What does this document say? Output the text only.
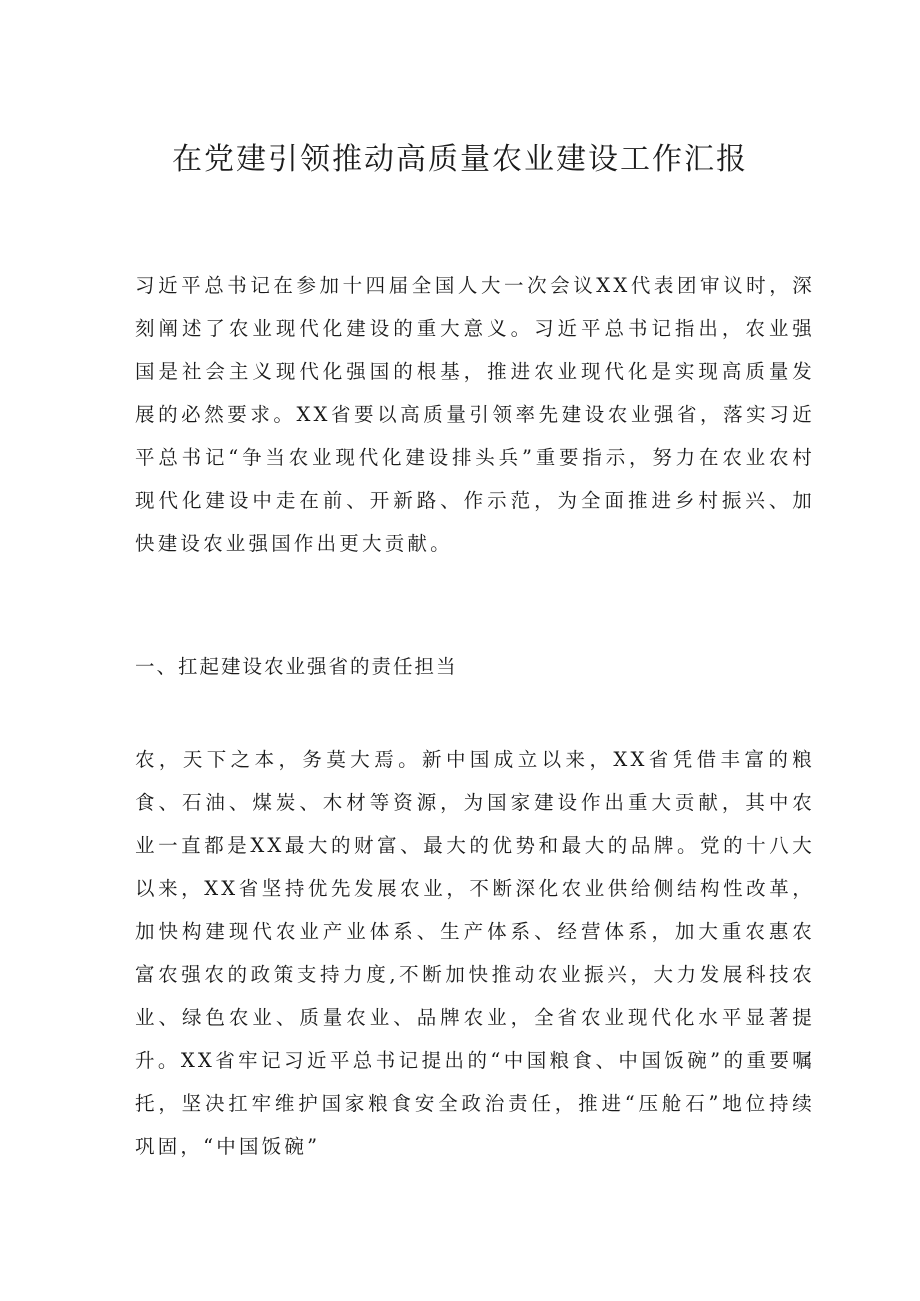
在党建引领推动高质量农业建设工作汇报

习近平总书记在参加十四届全国人大一次会议XX代表团审议时，深刻阐述了农业现代化建设的重大意义。习近平总书记指出，农业强国是社会主义现代化强国的根基，推进农业现代化是实现高质量发展的必然要求。XX省要以高质量引领率先建设农业强省，落实习近平总书记“争当农业现代化建设排头兵”重要指示，努力在农业农村现代化建设中走在前、开新路、作示范，为全面推进乡村振兴、加快建设农业强国作出更大贡献。

一、扛起建设农业强省的责任担当

农，天下之本，务莫大焉。新中国成立以来，XX省凭借丰富的粮食、石油、煤炭、木材等资源，为国家建设作出重大贡献，其中农业一直都是XX最大的财富、最大的优势和最大的品牌。党的十八大以来，XX省坚持优先发展农业，不断深化农业供给侧结构性改革，加快构建现代农业产业体系、生产体系、经营体系，加大重农惠农富农强农的政策支持力度,不断加快推动农业振兴，大力发展科技农业、绿色农业、质量农业、品牌农业，全省农业现代化水平显著提升。XX省牢记习近平总书记提出的“中国粮食、中国饭碗”的重要嘱托，坚决扛牢维护国家粮食安全政治责任，推进“压舱石”地位持续巩固，“中国饭碗”
